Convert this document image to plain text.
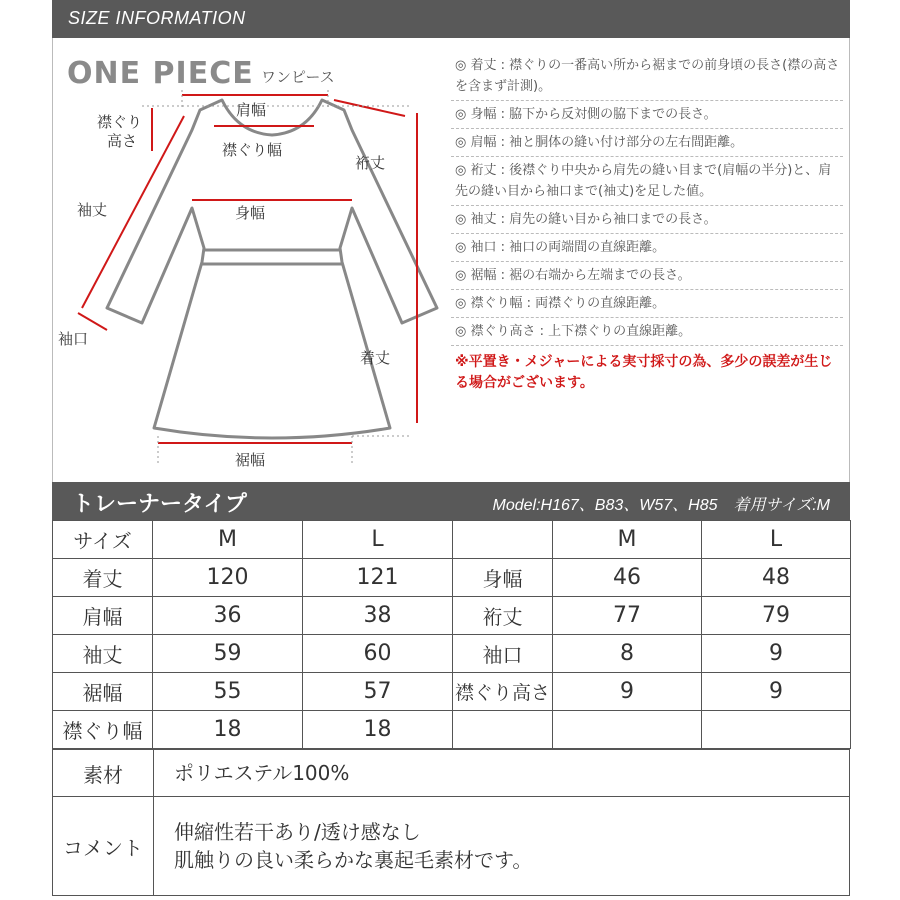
SIZE INFORMATION
ONE PIECE ワンピース
◎ 着丈 : 襟ぐりの一番高い所から裾までの前身頃の長さ(襟の高さを含まず計測)。
◎ 身幅 : 脇下から反対側の脇下までの長さ。
◎ 肩幅 : 袖と胴体の縫い付け部分の左右間距離。
◎ 裄丈 : 後襟ぐり中央から肩先の縫い目まで(肩幅の半分)と、肩先の縫い目から袖口まで(袖丈)を足した値。
◎ 袖丈 : 肩先の縫い目から袖口までの長さ。
◎ 袖口 : 袖口の両端間の直線距離。
◎ 裾幅 : 裾の右端から左端までの長さ。
◎ 襟ぐり幅 : 両襟ぐりの直線距離。
◎ 襟ぐり高さ : 上下襟ぐりの直線距離。
※平置き・メジャーによる実寸採寸の為、多少の誤差が生じる場合がございます。
肩幅
襟ぐり
高さ	襟ぐり幅
裄丈
袖丈	身幅
袖口
着丈
裾幅
トレーナータイプ	Model:H167、B83、W57、H85　着用サイズ:M
サイズ	M	L		M	L
着丈	120	121	身幅	46	48
肩幅	36	38	裄丈	77	79
袖丈	59	60	袖口	8	9
裾幅	55	57	襟ぐり高さ	9	9
襟ぐり幅	18	18			
素材	ポリエステル100%
コメント	伸縮性若干あり/透け感なし
肌触りの良い柔らかな裏起毛素材です。
